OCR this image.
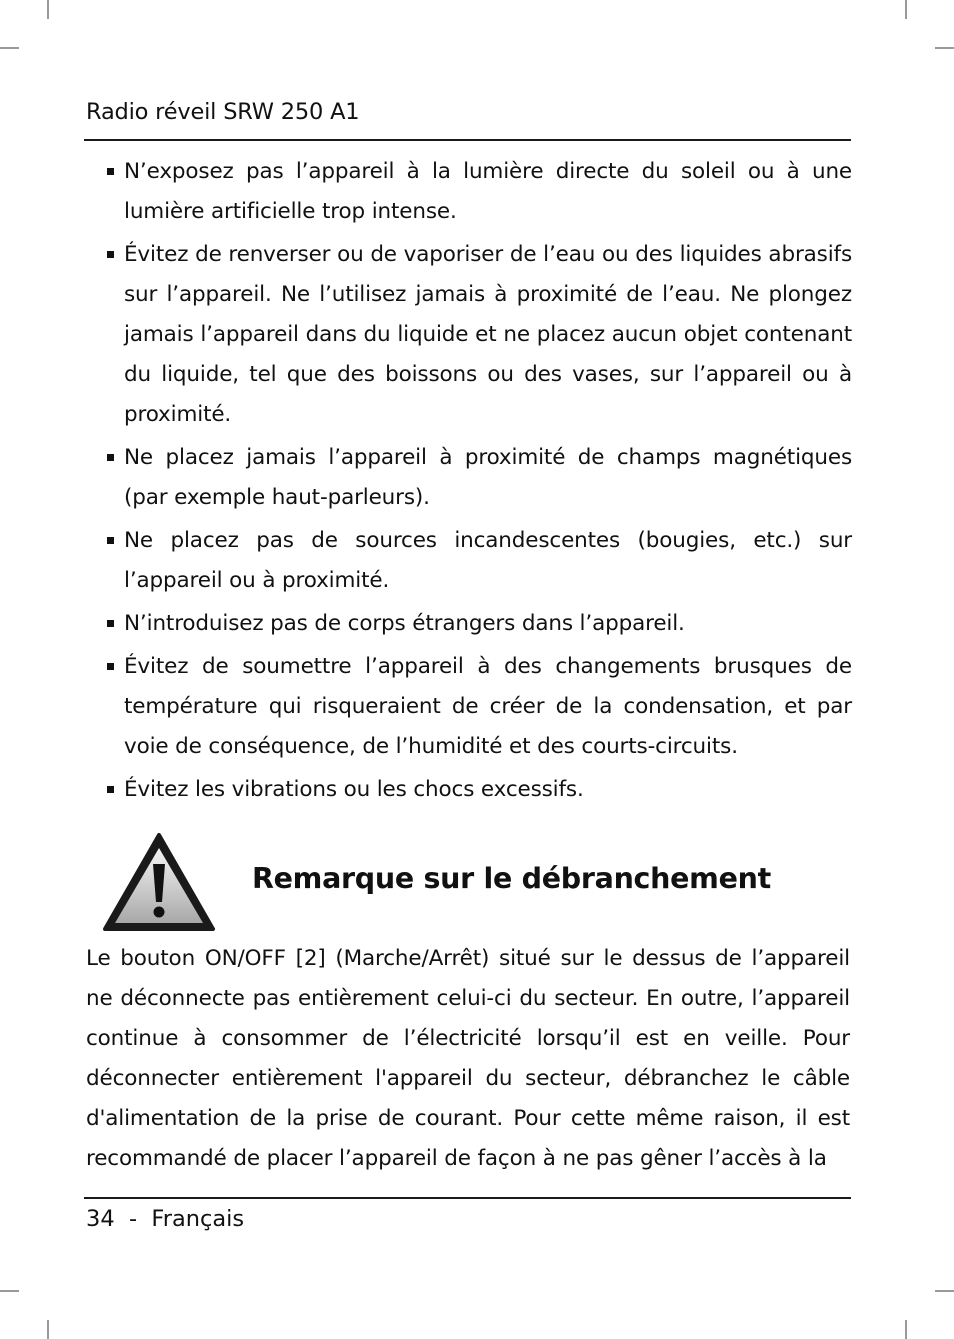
Radio réveil SRW 250 A1
N’exposez pas l’appareil à la lumière directe du soleil ou à une lumière artificielle trop intense.
Évitez de renverser ou de vaporiser de l’eau ou des liquides abrasifs sur l’appareil. Ne l’utilisez jamais à proximité de l’eau. Ne plongez jamais l’appareil dans du liquide et ne placez aucun objet contenant du liquide, tel que des boissons ou des vases, sur l’appareil ou à proximité.
Ne placez jamais l’appareil à proximité de champs magnétiques (par exemple haut-parleurs).
Ne placez pas de sources incandescentes (bougies, etc.) sur l’appareil ou à proximité.
N’introduisez pas de corps étrangers dans l’appareil.
Évitez de soumettre l’appareil à des changements brusques de température qui risqueraient de créer de la condensation, et par voie de conséquence, de l’humidité et des courts-circuits.
Évitez les vibrations ou les chocs excessifs.
Remarque sur le débranchement
Le bouton ON/OFF [2] (Marche/Arrêt) situé sur le dessus de l’appareil ne déconnecte pas entièrement celui-ci du secteur. En outre, l’appareil continue à consommer de l’électricité lorsqu’il est en veille. Pour déconnecter entièrement l'appareil du secteur, débranchez le câble d'alimentation de la prise de courant. Pour cette même raison, il est recommandé de placer l’appareil de façon à ne pas gêner l’accès à la
34 - Français
